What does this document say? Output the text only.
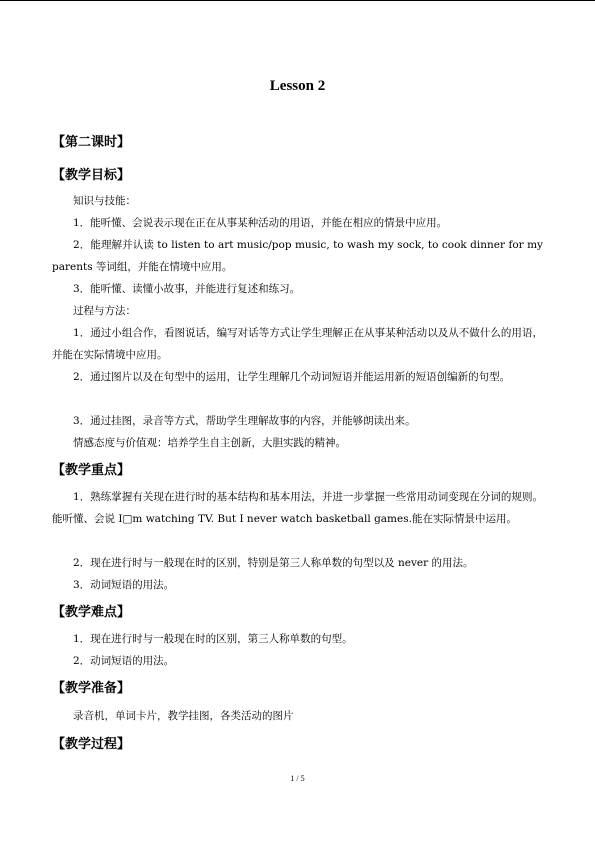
Lesson 2
【第二课时】
【教学目标】
知识与技能：
1．能听懂、会说表示现在正在从事某种活动的用语，并能在相应的情景中应用。
2．能理解并认读 to listen to art music/pop music, to wash my sock, to cook dinner for my parents 等词组，并能在情境中应用。
3．能听懂、读懂小故事，并能进行复述和练习。
过程与方法：
1．通过小组合作，看图说话，编写对话等方式让学生理解正在从事某种活动以及从不做什么的用语，并能在实际情境中应用。
2．通过图片以及在句型中的运用，让学生理解几个动词短语并能运用新的短语创编新的句型。
3．通过挂图，录音等方式，帮助学生理解故事的内容，并能够朗读出来。
情感态度与价值观：培养学生自主创新，大胆实践的精神。
【教学重点】
1．熟练掌握有关现在进行时的基本结构和基本用法，并进一步掌握一些常用动词变现在分词的规则。能听懂、会说 I□m watching TV. But I never watch basketball games.能在实际情景中运用。
2．现在进行时与一般现在时的区别，特别是第三人称单数的句型以及 never 的用法。
3．动词短语的用法。
【教学难点】
1．现在进行时与一般现在时的区别，第三人称单数的句型。
2．动词短语的用法。
【教学准备】
录音机，单词卡片，教学挂图，各类活动的图片
【教学过程】
1 / 5
